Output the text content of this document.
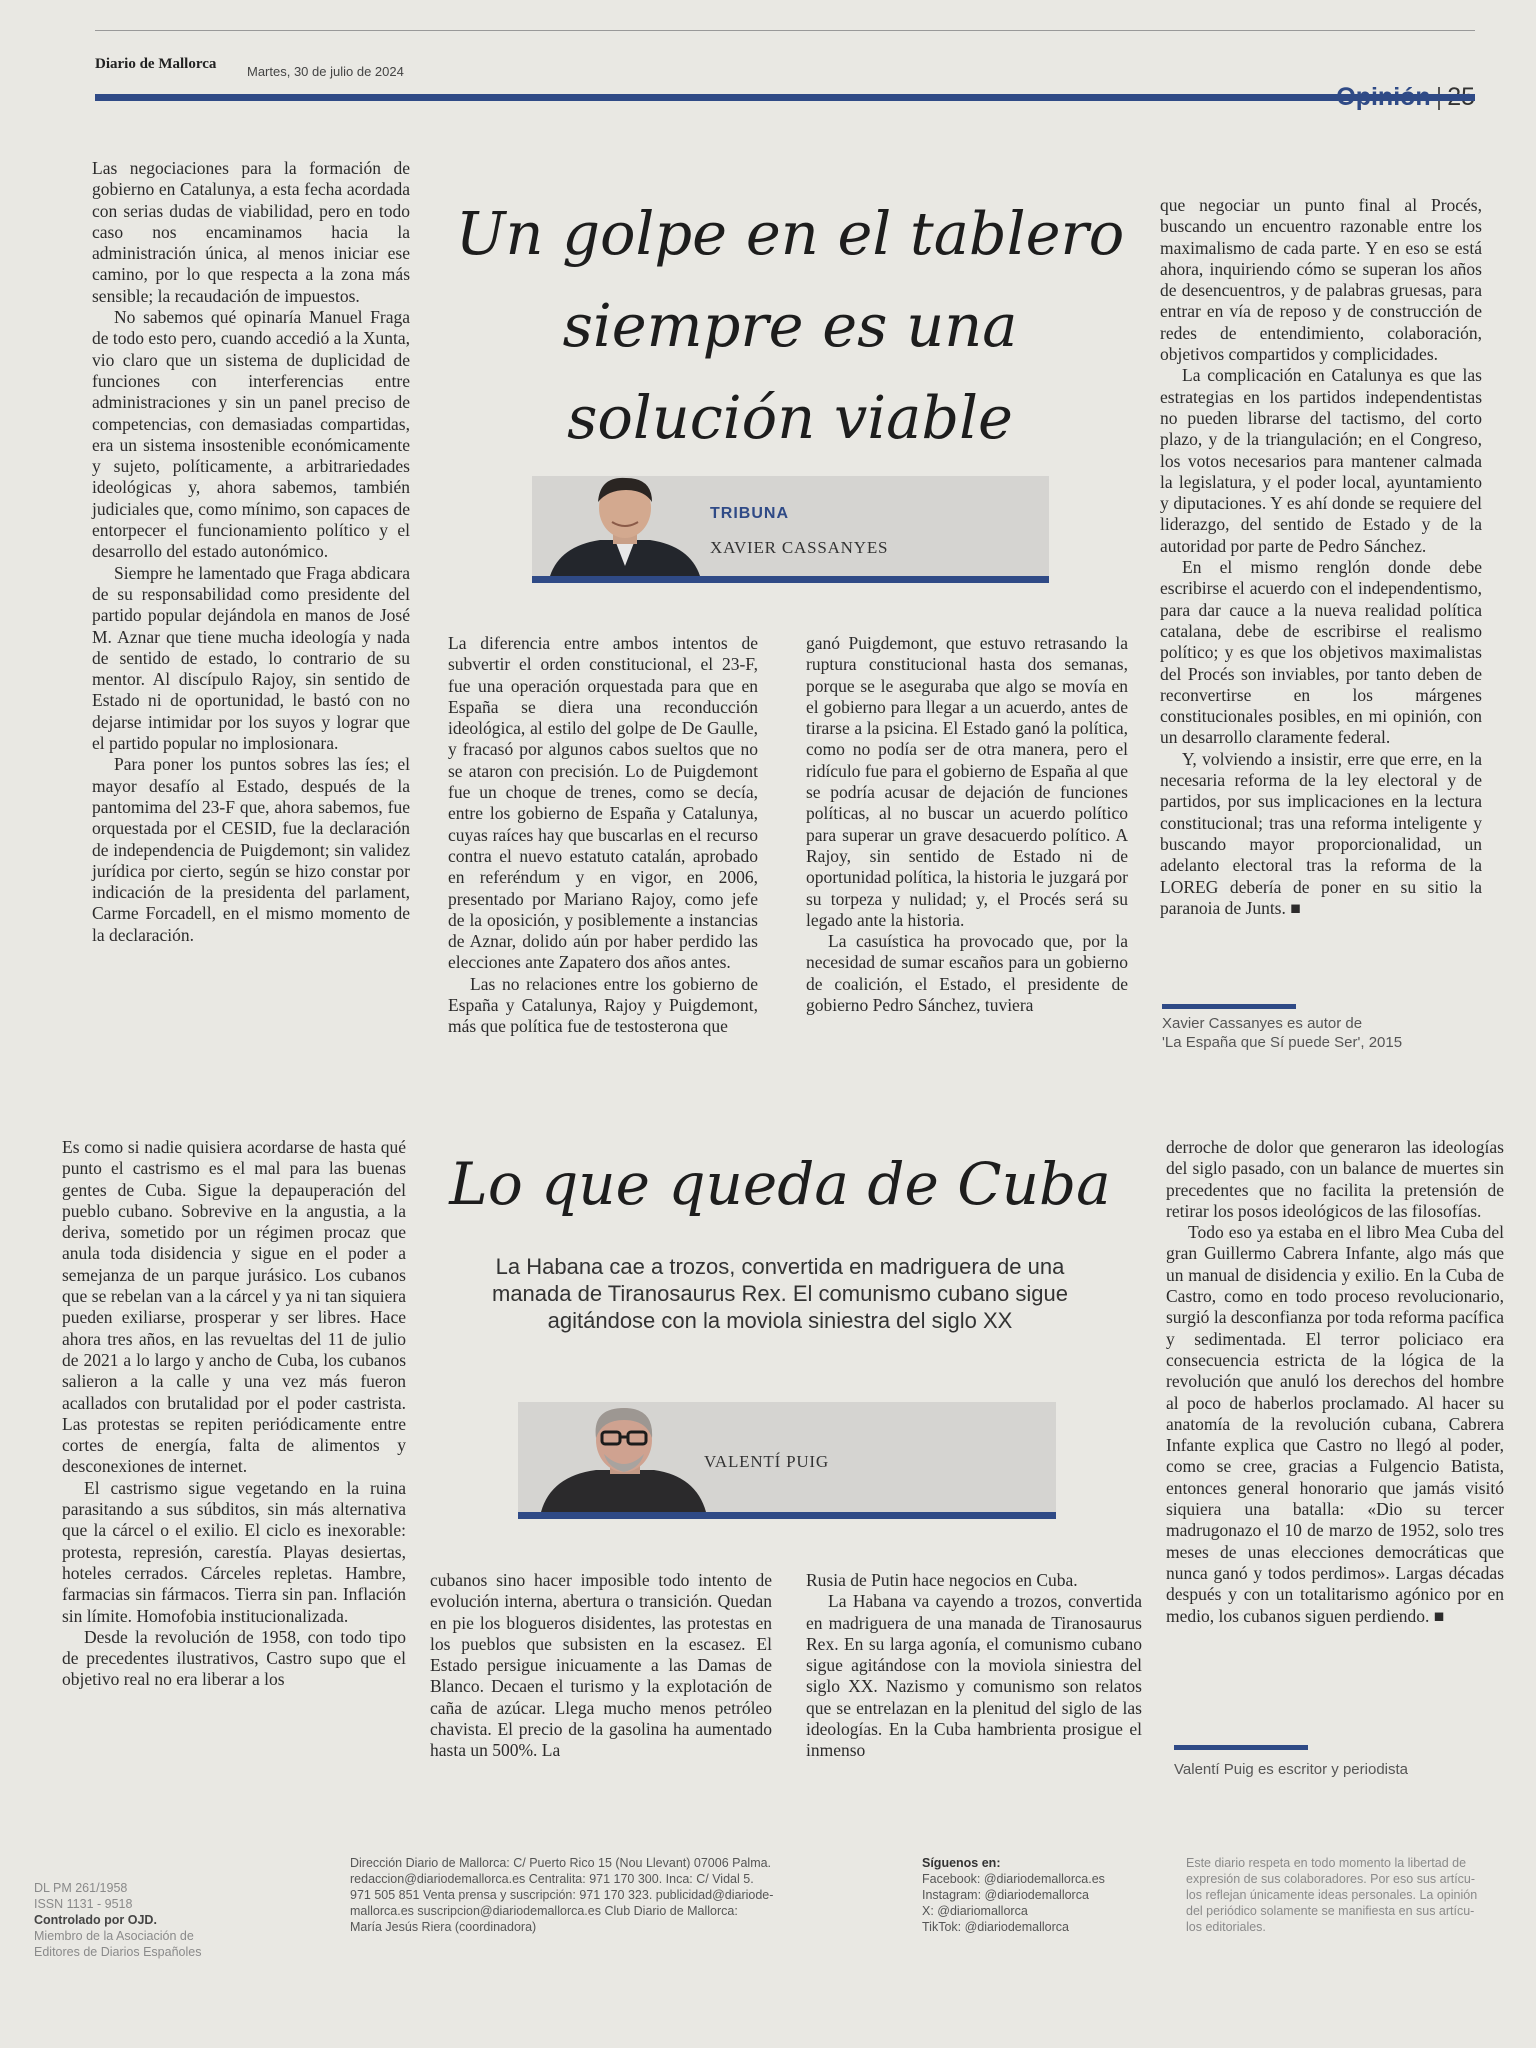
Diario de Mallorca Martes, 30 de julio de 2024

Las negociaciones para la formación de gobierno en Catalunya, a esta fecha acordada con serias dudas de viabilidad, pero en todo caso nos encaminamos hacia la administración única, al menos iniciar ese camino, por lo que respecta a la zona más sensible; la recaudación de impuestos.

No sabemos qué opinaría Manuel Fraga de todo esto pero, cuando accedió a la Xunta, vio claro que un sistema de duplicidad de funciones con interferencias entre administraciones y sin un panel preciso de competencias, con demasiadas compartidas, era un sistema insostenible económicamente y sujeto, políticamente, a arbitrariedades ideológicas y, ahora sabemos, también judiciales que, como mínimo, son capaces de entorpecer el funcionamiento político y el desarrollo del estado autonómico.

Siempre he lamentado que Fraga abdicara de su responsabilidad como presidente del partido popular dejándola en manos de José M. Aznar que tiene mucha ideología y nada de sentido de estado, lo contrario de su mentor. Al discípulo Rajoy, sin sentido de Estado ni de oportunidad, le bastó con no dejarse intimidar por los suyos y lograr que el partido popular no implosionara.

Para poner los puntos sobres las íes; el mayor desafío al Estado, después de la pantomima del 23-F que, ahora sabemos, fue orquestada por el CESID, fue la declaración de independencia de Puigdemont; sin validez jurídica por cierto, según se hizo constar por indicación de la presidenta del parlament, Carme Forcadell, en el mismo momento de la declaración.

Un golpe en el tablero
siempre es una
solución viable
TRIBUNA
XAVIER CASSANYES

La diferencia entre ambos intentos de subvertir el orden constitucional, el 23-F, fue una operación orquestada para que en España se diera una reconducción ideológica, al estilo del golpe de De Gaulle, y fracasó por algunos cabos sueltos que no se ataron con precisión. Lo de Puigdemont fue un choque de trenes, como se decía, entre los gobierno de España y Catalunya, cuyas raíces hay que buscarlas en el recurso contra el nuevo estatuto catalán, aprobado en referéndum y en vigor, en 2006, presentado por Mariano Rajoy, como jefe de la oposición, y posiblemente a instancias de Aznar, dolido aún por haber perdido las elecciones ante Zapatero dos años antes.

Las no relaciones entre los gobierno de España y Catalunya, Rajoy y Puigdemont, más que política fue de testosterona que

ganó Puigdemont, que estuvo retrasando la ruptura constitucional hasta dos semanas, porque se le aseguraba que algo se movía en el gobierno para llegar a un acuerdo, antes de tirarse a la psicina. El Estado ganó la política, como no podía ser de otra manera, pero el ridículo fue para el gobierno de España al que se podría acusar de dejación de funciones políticas, al no buscar un acuerdo político para superar un grave desacuerdo político. A Rajoy, sin sentido de Estado ni de oportunidad política, la historia le juzgará por su torpeza y nulidad; y, el Procés será su legado ante la historia.

La casuística ha provocado que, por la necesidad de sumar escaños para un gobierno de coalición, el Estado, el presidente de gobierno Pedro Sánchez, tuviera

que negociar un punto final al Procés, buscando un encuentro razonable entre los maximalismo de cada parte. Y en eso se está ahora, inquiriendo cómo se superan los años de desencuentros, y de palabras gruesas, para entrar en vía de reposo y de construcción de redes de entendimiento, colaboración, objetivos compartidos y complicidades.

La complicación en Catalunya es que las estrategias en los partidos independentistas no pueden librarse del tactismo, del corto plazo, y de la triangulación; en el Congreso, los votos necesarios para mantener calmada la legislatura, y el poder local, ayuntamiento y diputaciones. Y es ahí donde se requiere del liderazgo, del sentido de Estado y de la autoridad por parte de Pedro Sánchez.

En el mismo renglón donde debe escribirse el acuerdo con el independentismo, para dar cauce a la nueva realidad política catalana, debe de escribirse el realismo político; y es que los objetivos maximalistas del Procés son inviables, por tanto deben de reconvertirse en los márgenes constitucionales posibles, en mi opinión, con un desarrollo claramente federal.

Y, volviendo a insistir, erre que erre, en la necesaria reforma de la ley electoral y de partidos, por sus implicaciones en la lectura constitucional; tras una reforma inteligente y buscando mayor proporcionalidad, un adelanto electoral tras la reforma de la LOREG debería de poner en su sitio la paranoia de Junts. ■

Xavier Cassanyes es autor de
'La España que Sí puede Ser', 2015

Es como si nadie quisiera acordarse de hasta qué punto el castrismo es el mal para las buenas gentes de Cuba. Sigue la depauperación del pueblo cubano. Sobrevive en la angustia, a la deriva, sometido por un régimen procaz que anula toda disidencia y sigue en el poder a semejanza de un parque jurásico. Los cubanos que se rebelan van a la cárcel y ya ni tan siquiera pueden exiliarse, prosperar y ser libres. Hace ahora tres años, en las revueltas del 11 de julio de 2021 a lo largo y ancho de Cuba, los cubanos salieron a la calle y una vez más fueron acallados con brutalidad por el poder castrista. Las protestas se repiten periódicamente entre cortes de energía, falta de alimentos y desconexiones de internet.

El castrismo sigue vegetando en la ruina parasitando a sus súbditos, sin más alternativa que la cárcel o el exilio. El ciclo es inexorable: protesta, represión, carestía. Playas desiertas, hoteles cerrados. Cárceles repletas. Hambre, farmacias sin fármacos. Tierra sin pan. Inflación sin límite. Homofobia institucionalizada.

Desde la revolución de 1958, con todo tipo de precedentes ilustrativos, Castro supo que el objetivo real no era liberar a los

Lo que queda de Cuba
La Habana cae a trozos, convertida en madriguera de una
manada de Tiranosaurus Rex. El comunismo cubano sigue
agitándose con la moviola siniestra del siglo XX
VALENTÍ PUIG

cubanos sino hacer imposible todo intento de evolución interna, abertura o transición. Quedan en pie los blogueros disidentes, las protestas en los pueblos que subsisten en la escasez. El Estado persigue inicuamente a las Damas de Blanco. Decaen el turismo y la explotación de caña de azúcar. Llega mucho menos petróleo chavista. El precio de la gasolina ha aumentado hasta un 500%. La

Rusia de Putin hace negocios en Cuba.

La Habana va cayendo a trozos, convertida en madriguera de una manada de Tiranosaurus Rex. En su larga agonía, el comunismo cubano sigue agitándose con la moviola siniestra del siglo XX. Nazismo y comunismo son relatos que se entrelazan en la plenitud del siglo de las ideologías. En la Cuba hambrienta prosigue el inmenso

derroche de dolor que generaron las ideologías del siglo pasado, con un balance de muertes sin precedentes que no facilita la pretensión de retirar los posos ideológicos de las filosofías.

Todo eso ya estaba en el libro Mea Cuba del gran Guillermo Cabrera Infante, algo más que un manual de disidencia y exilio. En la Cuba de Castro, como en todo proceso revolucionario, surgió la desconfianza por toda reforma pacífica y sedimentada. El terror policiaco era consecuencia estricta de la lógica de la revolución que anuló los derechos del hombre al poco de haberlos proclamado. Al hacer su anatomía de la revolución cubana, Cabrera Infante explica que Castro no llegó al poder, como se cree, gracias a Fulgencio Batista, entonces general honorario que jamás visitó siquiera una batalla: «Dio su tercer madrugonazo el 10 de marzo de 1952, solo tres meses de unas elecciones democráticas que nunca ganó y todos perdimos». Largas décadas después y con un totalitarismo agónico por en medio, los cubanos siguen perdiendo. ■

Valentí Puig es escritor y periodista
DL PM 261/1958
ISSN 1131 - 9518
Controlado por OJD.
Miembro de la Asociación de
Editores de Diarios Españoles
Dirección Diario de Mallorca: C/ Puerto Rico 15 (Nou Llevant) 07006 Palma.
redaccion@diariodemallorca.es Centralita: 971 170 300. Inca: C/ Vidal 5.
971 505 851 Venta prensa y suscripción: 971 170 323. publicidad@diariode-
mallorca.es suscripcion@diariodemallorca.es Club Diario de Mallorca:
María Jesús Riera (coordinadora)
Síguenos en:
Facebook: @diariodemallorca.es
Instagram: @diariodemallorca
X: @diariomallorca
TikTok: @diariodemallorca
Este diario respeta en todo momento la libertad de
expresión de sus colaboradores. Por eso sus artícu-
los reflejan únicamente ideas personales. La opinión
del periódico solamente se manifiesta en sus artícu-
los editoriales.
